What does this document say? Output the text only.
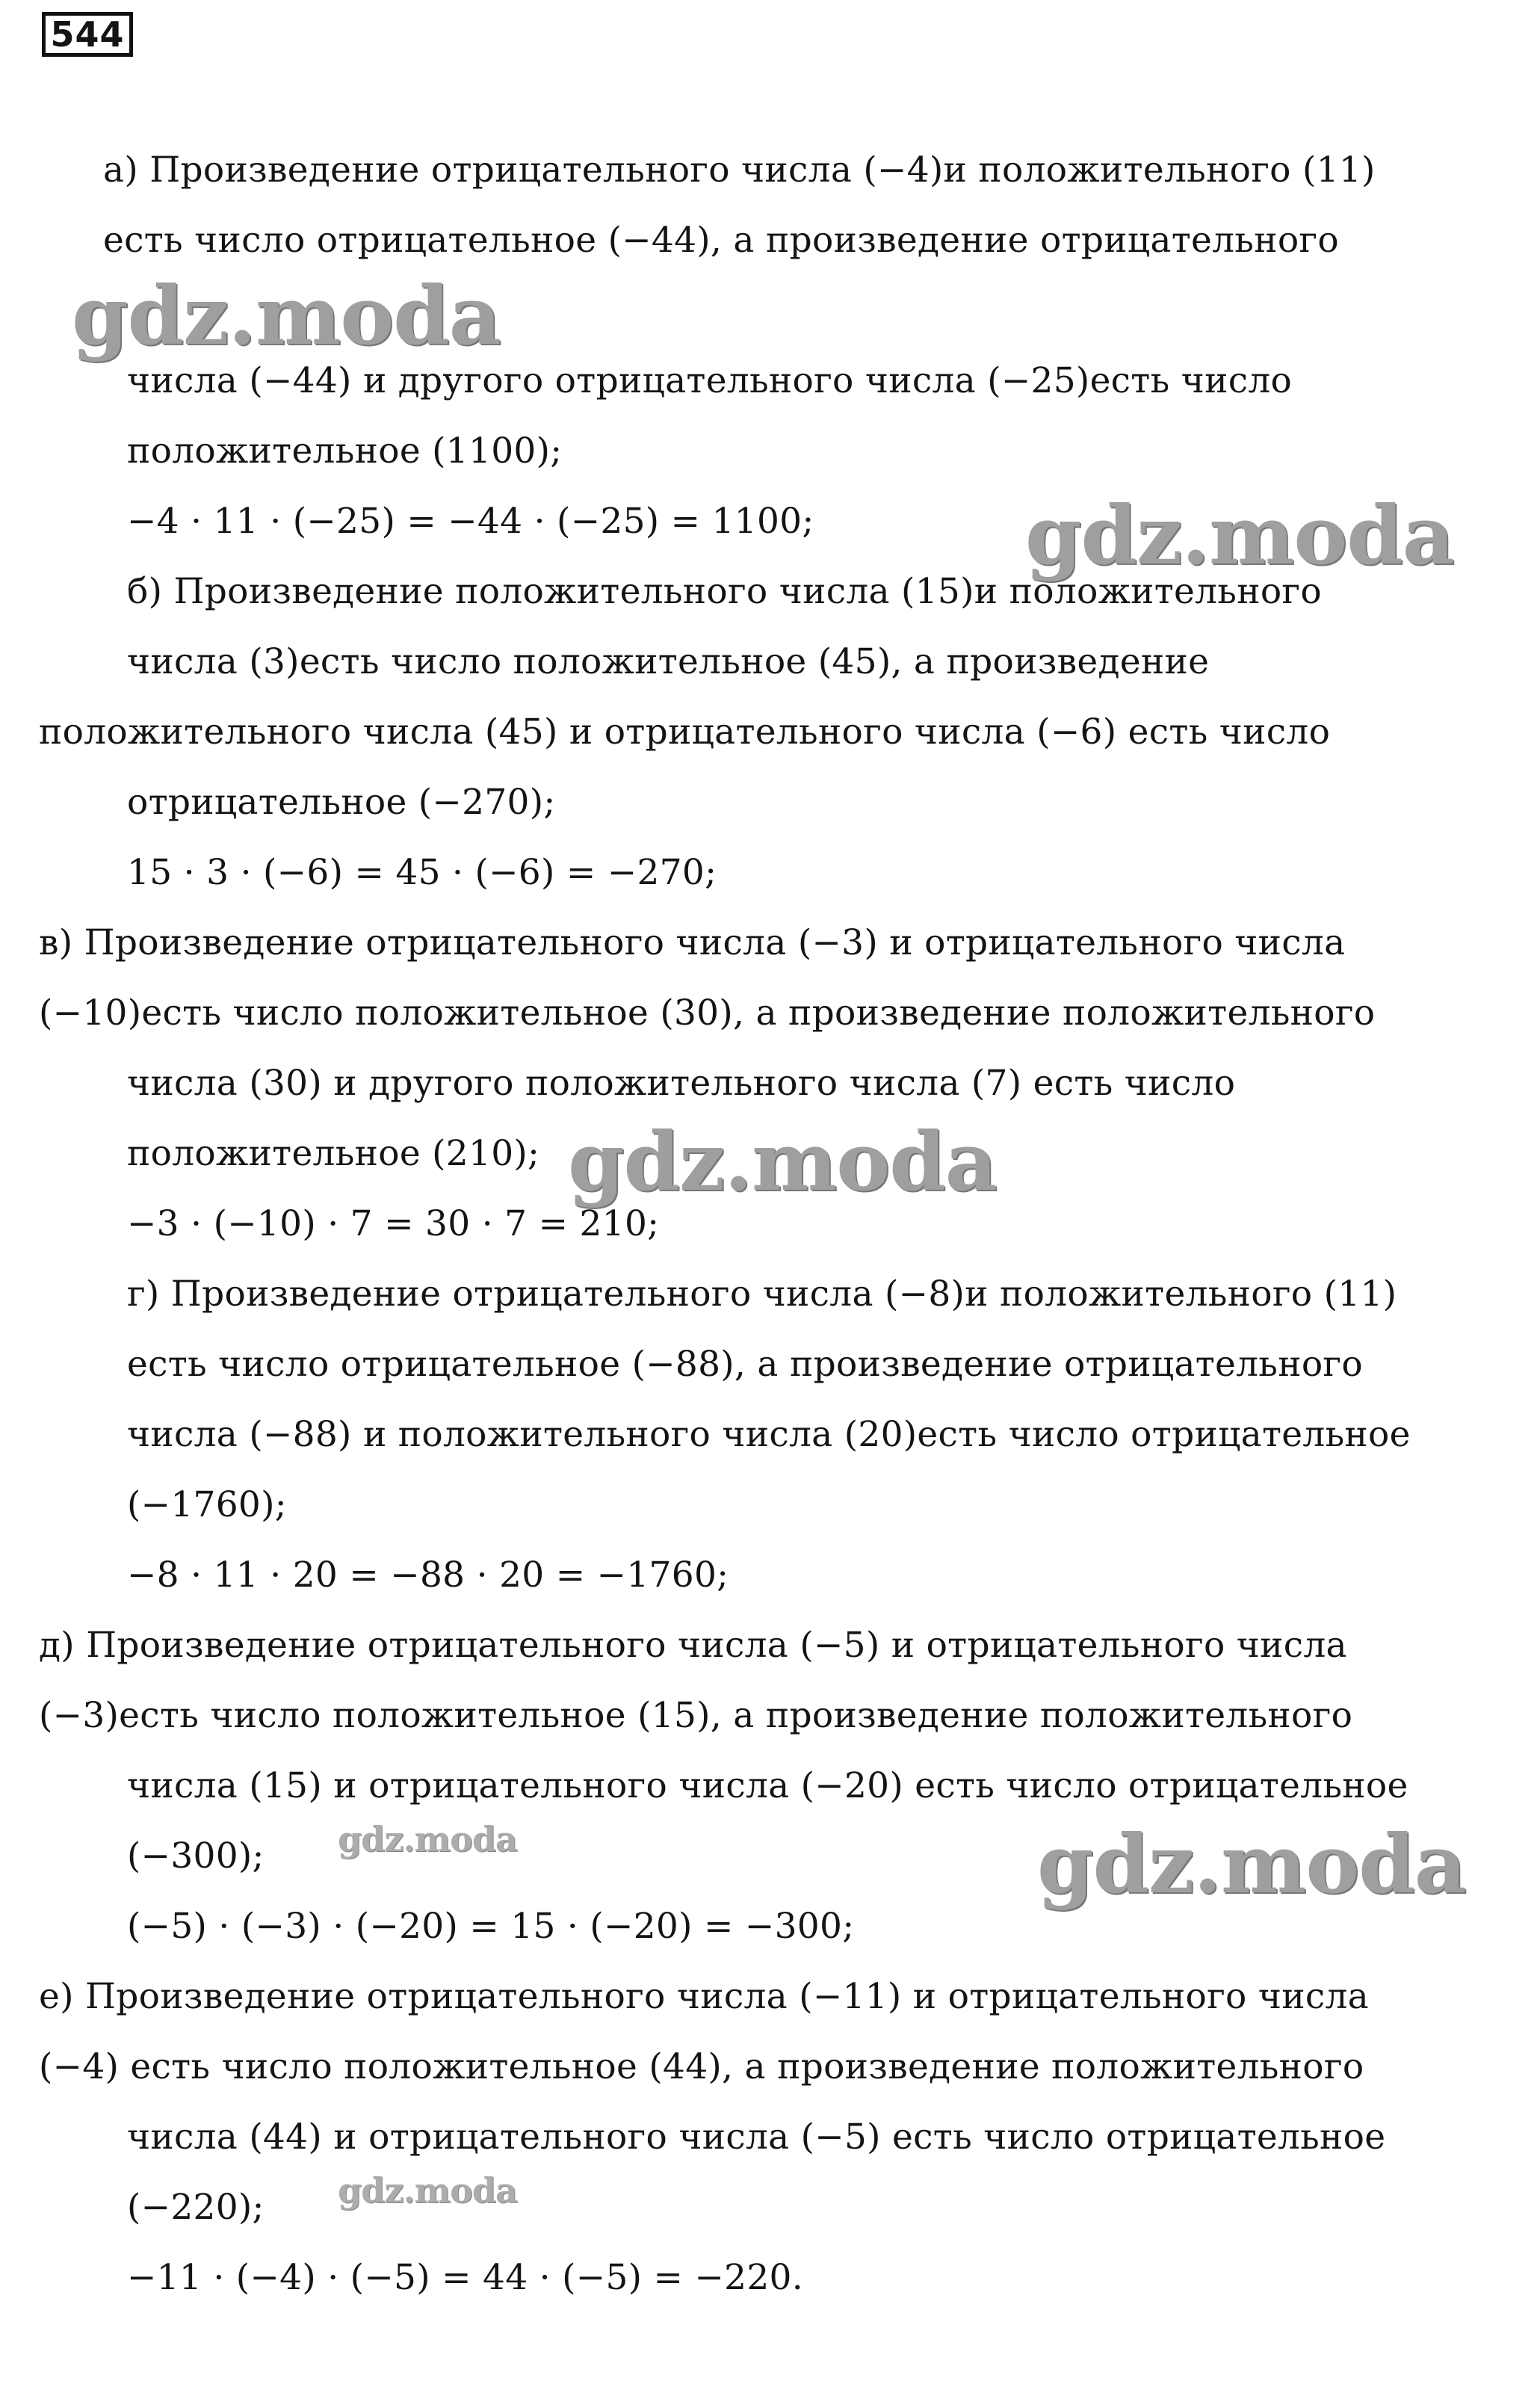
544
а) Произведение отрицательного числа (−4)и положительного (11)
есть число отрицательное (−44), а произведение отрицательного
числа (−44) и другого отрицательного числа (−25)есть число
положительное (1100);
−4 · 11 · (−25) = −44 · (−25) = 1100;
б) Произведение положительного числа (15)и положительного
числа (3)есть число положительное (45), а произведение
положительного числа (45) и отрицательного числа (−6) есть число
отрицательное (−270);
15 · 3 · (−6) = 45 · (−6) = −270;
в) Произведение отрицательного числа (−3) и отрицательного числа
(−10)есть число положительное (30), а произведение положительного
числа (30) и другого положительного числа (7) есть число
положительное (210);
−3 · (−10) · 7 = 30 · 7 = 210;
г) Произведение отрицательного числа (−8)и положительного (11)
есть число отрицательное (−88), а произведение отрицательного
числа (−88) и положительного числа (20)есть число отрицательное
(−1760);
−8 · 11 · 20 = −88 · 20 = −1760;
д) Произведение отрицательного числа (−5) и отрицательного числа
(−3)есть число положительное (15), а произведение положительного
числа (15) и отрицательного числа (−20) есть число отрицательное
(−300);
(−5) · (−3) · (−20) = 15 · (−20) = −300;
е) Произведение отрицательного числа (−11) и отрицательного числа
(−4) есть число положительное (44), а произведение положительного
числа (44) и отрицательного числа (−5) есть число отрицательное
(−220);
−11 · (−4) · (−5) = 44 · (−5) = −220.
gdz.moda
gdz.moda
gdz.moda
gdz.moda	gdz.moda
gdz.moda
